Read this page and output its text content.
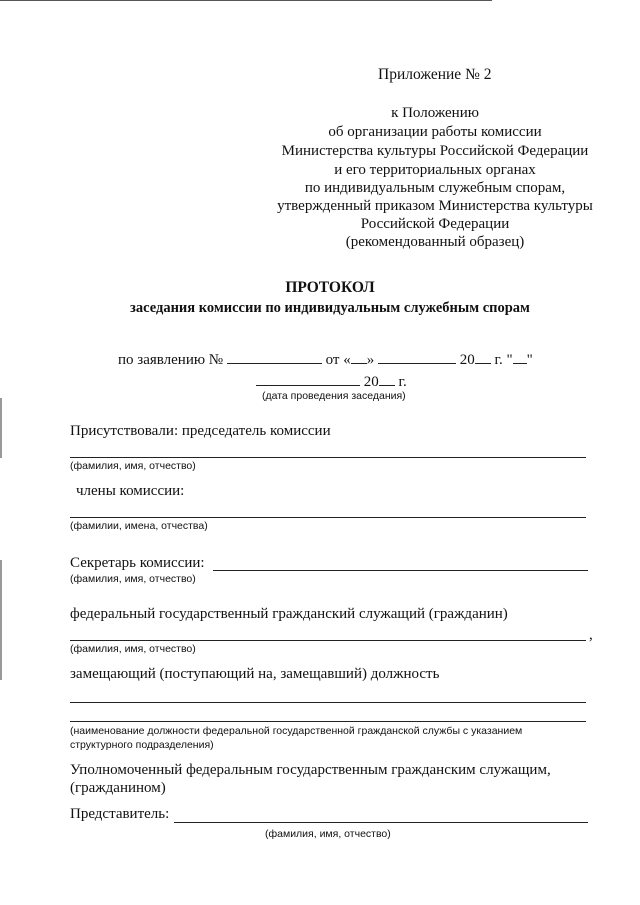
Приложение № 2
к Положению
об организации работы комиссии
Министерства культуры Российской Федерации
и его территориальных органах
по индивидуальным служебным спорам,
утвержденный приказом Министерства культуры
Российской Федерации
(рекомендованный образец)
ПРОТОКОЛ
заседания комиссии по индивидуальным служебным спорам
по заявлению №	от « »	20 г. " "
20 г.
(дата проведения заседания)
Присутствовали: председатель комиссии
(фамилия, имя, отчество)
члены комиссии:
(фамилии, имена, отчества)
Секретарь комиссии:
(фамилия, имя, отчество)
федеральный государственный гражданский служащий (гражданин)
,
(фамилия, имя, отчество)
замещающий (поступающий на, замещавший) должность
(наименование должности федеральной государственной гражданской службы с указанием
структурного подразделения)
Уполномоченный федеральным государственным гражданским служащим,
(гражданином)
Представитель:
(фамилия, имя, отчество)
